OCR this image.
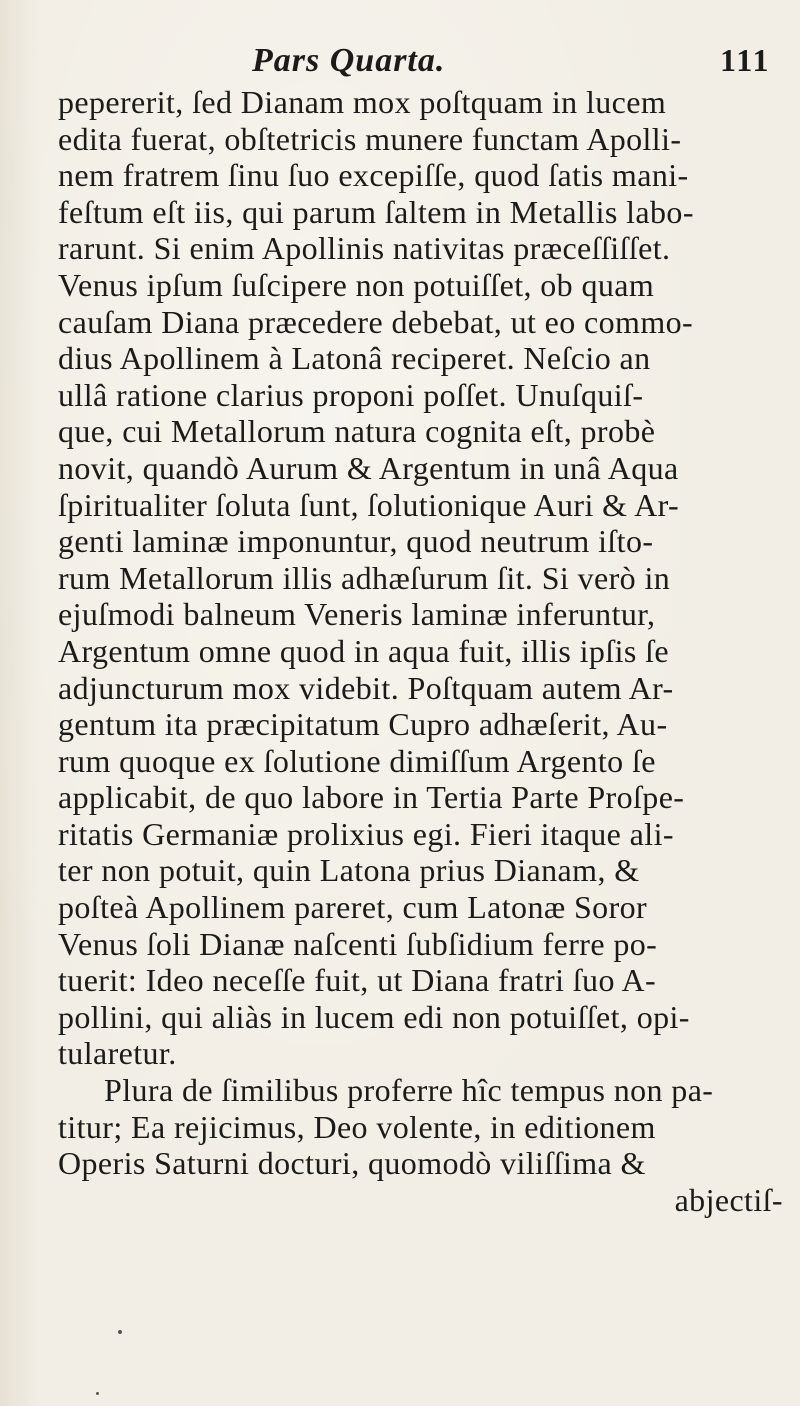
Pars Quarta.	111
pepererit, ſed Dianam mox poſtquam in lucem
edita fuerat, obſtetricis munere functam Apolli-
nem fratrem ſinu ſuo excepiſſe, quod ſatis mani-
feſtum eſt iis, qui parum ſaltem in Metallis labo-
rarunt. Si enim Apollinis nativitas præceſſiſſet.
Venus ipſum ſuſcipere non potuiſſet, ob quam
cauſam Diana præcedere debebat, ut eo commo-
dius Apollinem à Latonâ reciperet. Neſcio an
ullâ ratione clarius proponi poſſet. Unuſquiſ-
que, cui Metallorum natura cognita eſt, probè
novit, quandò Aurum & Argentum in unâ Aqua
ſpiritualiter ſoluta ſunt, ſolutionique Auri & Ar-
genti laminæ imponuntur, quod neutrum iſto-
rum Metallorum illis adhæſurum ſit. Si verò in
ejuſmodi balneum Veneris laminæ inferuntur,
Argentum omne quod in aqua fuit, illis ipſis ſe
adjuncturum mox videbit. Poſtquam autem Ar-
gentum ita præcipitatum Cupro adhæſerit, Au-
rum quoque ex ſolutione dimiſſum Argento ſe
applicabit, de quo labore in Tertia Parte Proſpe-
ritatis Germaniæ prolixius egi. Fieri itaque ali-
ter non potuit, quin Latona prius Dianam, &
poſteà Apollinem pareret, cum Latonæ Soror
Venus ſoli Dianæ naſcenti ſubſidium ferre po-
tuerit: Ideo neceſſe fuit, ut Diana fratri ſuo A-
pollini, qui aliàs in lucem edi non potuiſſet, opi-
tularetur.
Plura de ſimilibus proferre hîc tempus non pa-
titur; Ea rejicimus, Deo volente, in editionem
Operis Saturni docturi, quomodò viliſſima &
abjectiſ-
